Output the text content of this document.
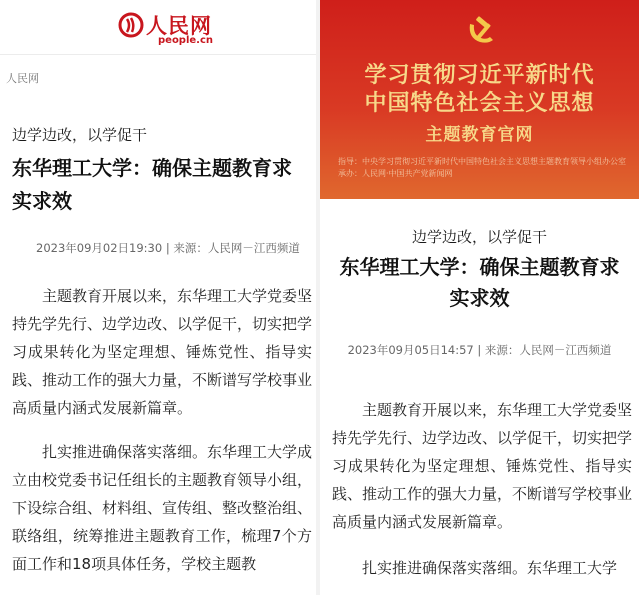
人民网
people.cn
人民网
边学边改，以学促干
东华理工大学：确保主题教育求实求效
2023年09月02日19:30 | 来源：人民网－江西频道

主题教育开展以来，东华理工大学党委坚持先学先行、边学边改、以学促干，切实把学习成果转化为坚定理想、锤炼党性、指导实践、推动工作的强大力量，不断谱写学校事业高质量内涵式发展新篇章。

扎实推进确保落实落细。东华理工大学成立由校党委书记任组长的主题教育领导小组，下设综合组、材料组、宣传组、整改整治组、联络组，统筹推进主题教育工作，梳理7个方面工作和18项具体任务，学校主题教

学习贯彻习近平新时代
中国特色社会主义思想
主题教育官网
指导：中央学习贯彻习近平新时代中国特色社会主义思想主题教育领导小组办公室
承办：人民网·中国共产党新闻网
边学边改，以学促干
东华理工大学：确保主题教育求
实求效
2023年09月05日14:57 | 来源：人民网－江西频道

主题教育开展以来，东华理工大学党委坚持先学先行、边学边改、以学促干，切实把学习成果转化为坚定理想、锤炼党性、指导实践、推动工作的强大力量，不断谱写学校事业高质量内涵式发展新篇章。

扎实推进确保落实落细。东华理工大学
